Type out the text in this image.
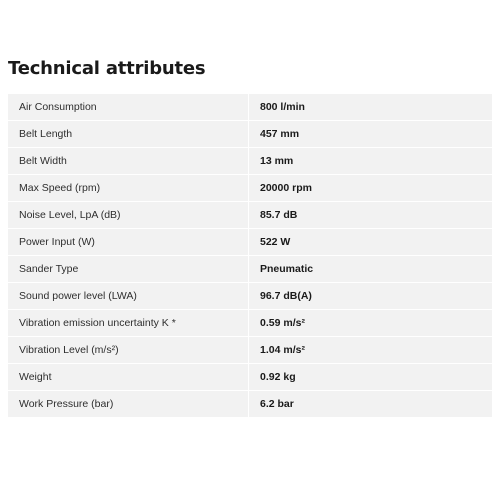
Technical attributes
Air Consumption	800 l/min
Belt Length	457 mm
Belt Width	13 mm
Max Speed (rpm)	20000 rpm
Noise Level, LpA (dB)	85.7 dB
Power Input (W)	522 W
Sander Type	Pneumatic
Sound power level (LWA)	96.7 dB(A)
Vibration emission uncertainty K *	0.59 m/s²
Vibration Level (m/s²)	1.04 m/s²
Weight	0.92 kg
Work Pressure (bar)	6.2 bar
